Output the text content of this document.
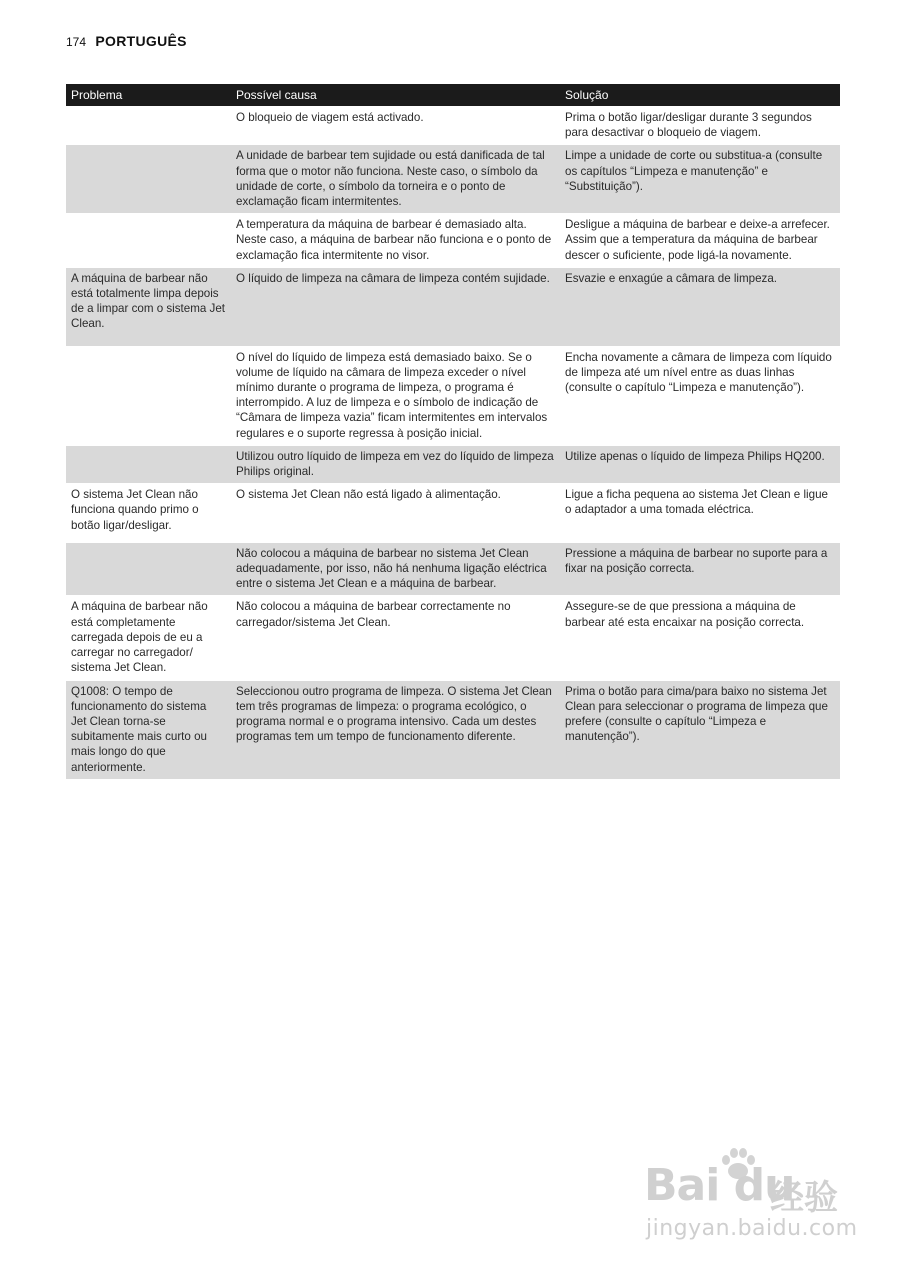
174 PORTUGUÊS
Problema	Possível causa	Solução
	O bloqueio de viagem está activado.	Prima o botão ligar/desligar durante 3 segundos para desactivar o bloqueio de viagem.
	A unidade de barbear tem sujidade ou está danificada de tal forma que o motor não funciona. Neste caso, o símbolo da unidade de corte, o símbolo da torneira e o ponto de exclamação ficam intermitentes.	Limpe a unidade de corte ou substitua-a (consulte os capítulos “Limpeza e manutenção” e “Substituição”).
	A temperatura da máquina de barbear é demasiado alta. Neste caso, a máquina de barbear não funciona e o ponto de exclamação fica intermitente no visor.	Desligue a máquina de barbear e deixe-a arrefecer. Assim que a temperatura da máquina de barbear descer o suficiente, pode ligá-la novamente.
A máquina de barbear não está totalmente limpa depois de a limpar com o sistema Jet Clean.	O líquido de limpeza na câmara de limpeza contém sujidade.	Esvazie e enxagúe a câmara de limpeza.
	O nível do líquido de limpeza está demasiado baixo. Se o volume de líquido na câmara de limpeza exceder o nível mínimo durante o programa de limpeza, o programa é interrompido. A luz de limpeza e o símbolo de indicação de “Câmara de limpeza vazia” ficam intermitentes em intervalos regulares e o suporte regressa à posição inicial.	Encha novamente a câmara de limpeza com líquido de limpeza até um nível entre as duas linhas (consulte o capítulo “Limpeza e manutenção”).
	Utilizou outro líquido de limpeza em vez do líquido de limpeza Philips original.	Utilize apenas o líquido de limpeza Philips HQ200.
O sistema Jet Clean não funciona quando primo o botão ligar/desligar.	O sistema Jet Clean não está ligado à alimentação.	Ligue a ficha pequena ao sistema Jet Clean e ligue o adaptador a uma tomada eléctrica.
	Não colocou a máquina de barbear no sistema Jet Clean adequadamente, por isso, não há nenhuma ligação eléctrica entre o sistema Jet Clean e a máquina de barbear.	Pressione a máquina de barbear no suporte para a fixar na posição correcta.
A máquina de barbear não está completamente carregada depois de eu a carregar no carregador/ sistema Jet Clean.	Não colocou a máquina de barbear correctamente no carregador/sistema Jet Clean.	Assegure-se de que pressiona a máquina de barbear até esta encaixar na posição correcta.
Q1008: O tempo de funcionamento do sistema Jet Clean torna-se subitamente mais curto ou mais longo do que anteriormente.	Seleccionou outro programa de limpeza. O sistema Jet Clean tem três programas de limpeza: o programa ecológico, o programa normal e o programa intensivo. Cada um destes programas tem um tempo de funcionamento diferente.	Prima o botão para cima/para baixo no sistema Jet Clean para seleccionar o programa de limpeza que prefere (consulte o capítulo “Limpeza e manutenção”).
Bai du
经验
jingyan.baidu.com
